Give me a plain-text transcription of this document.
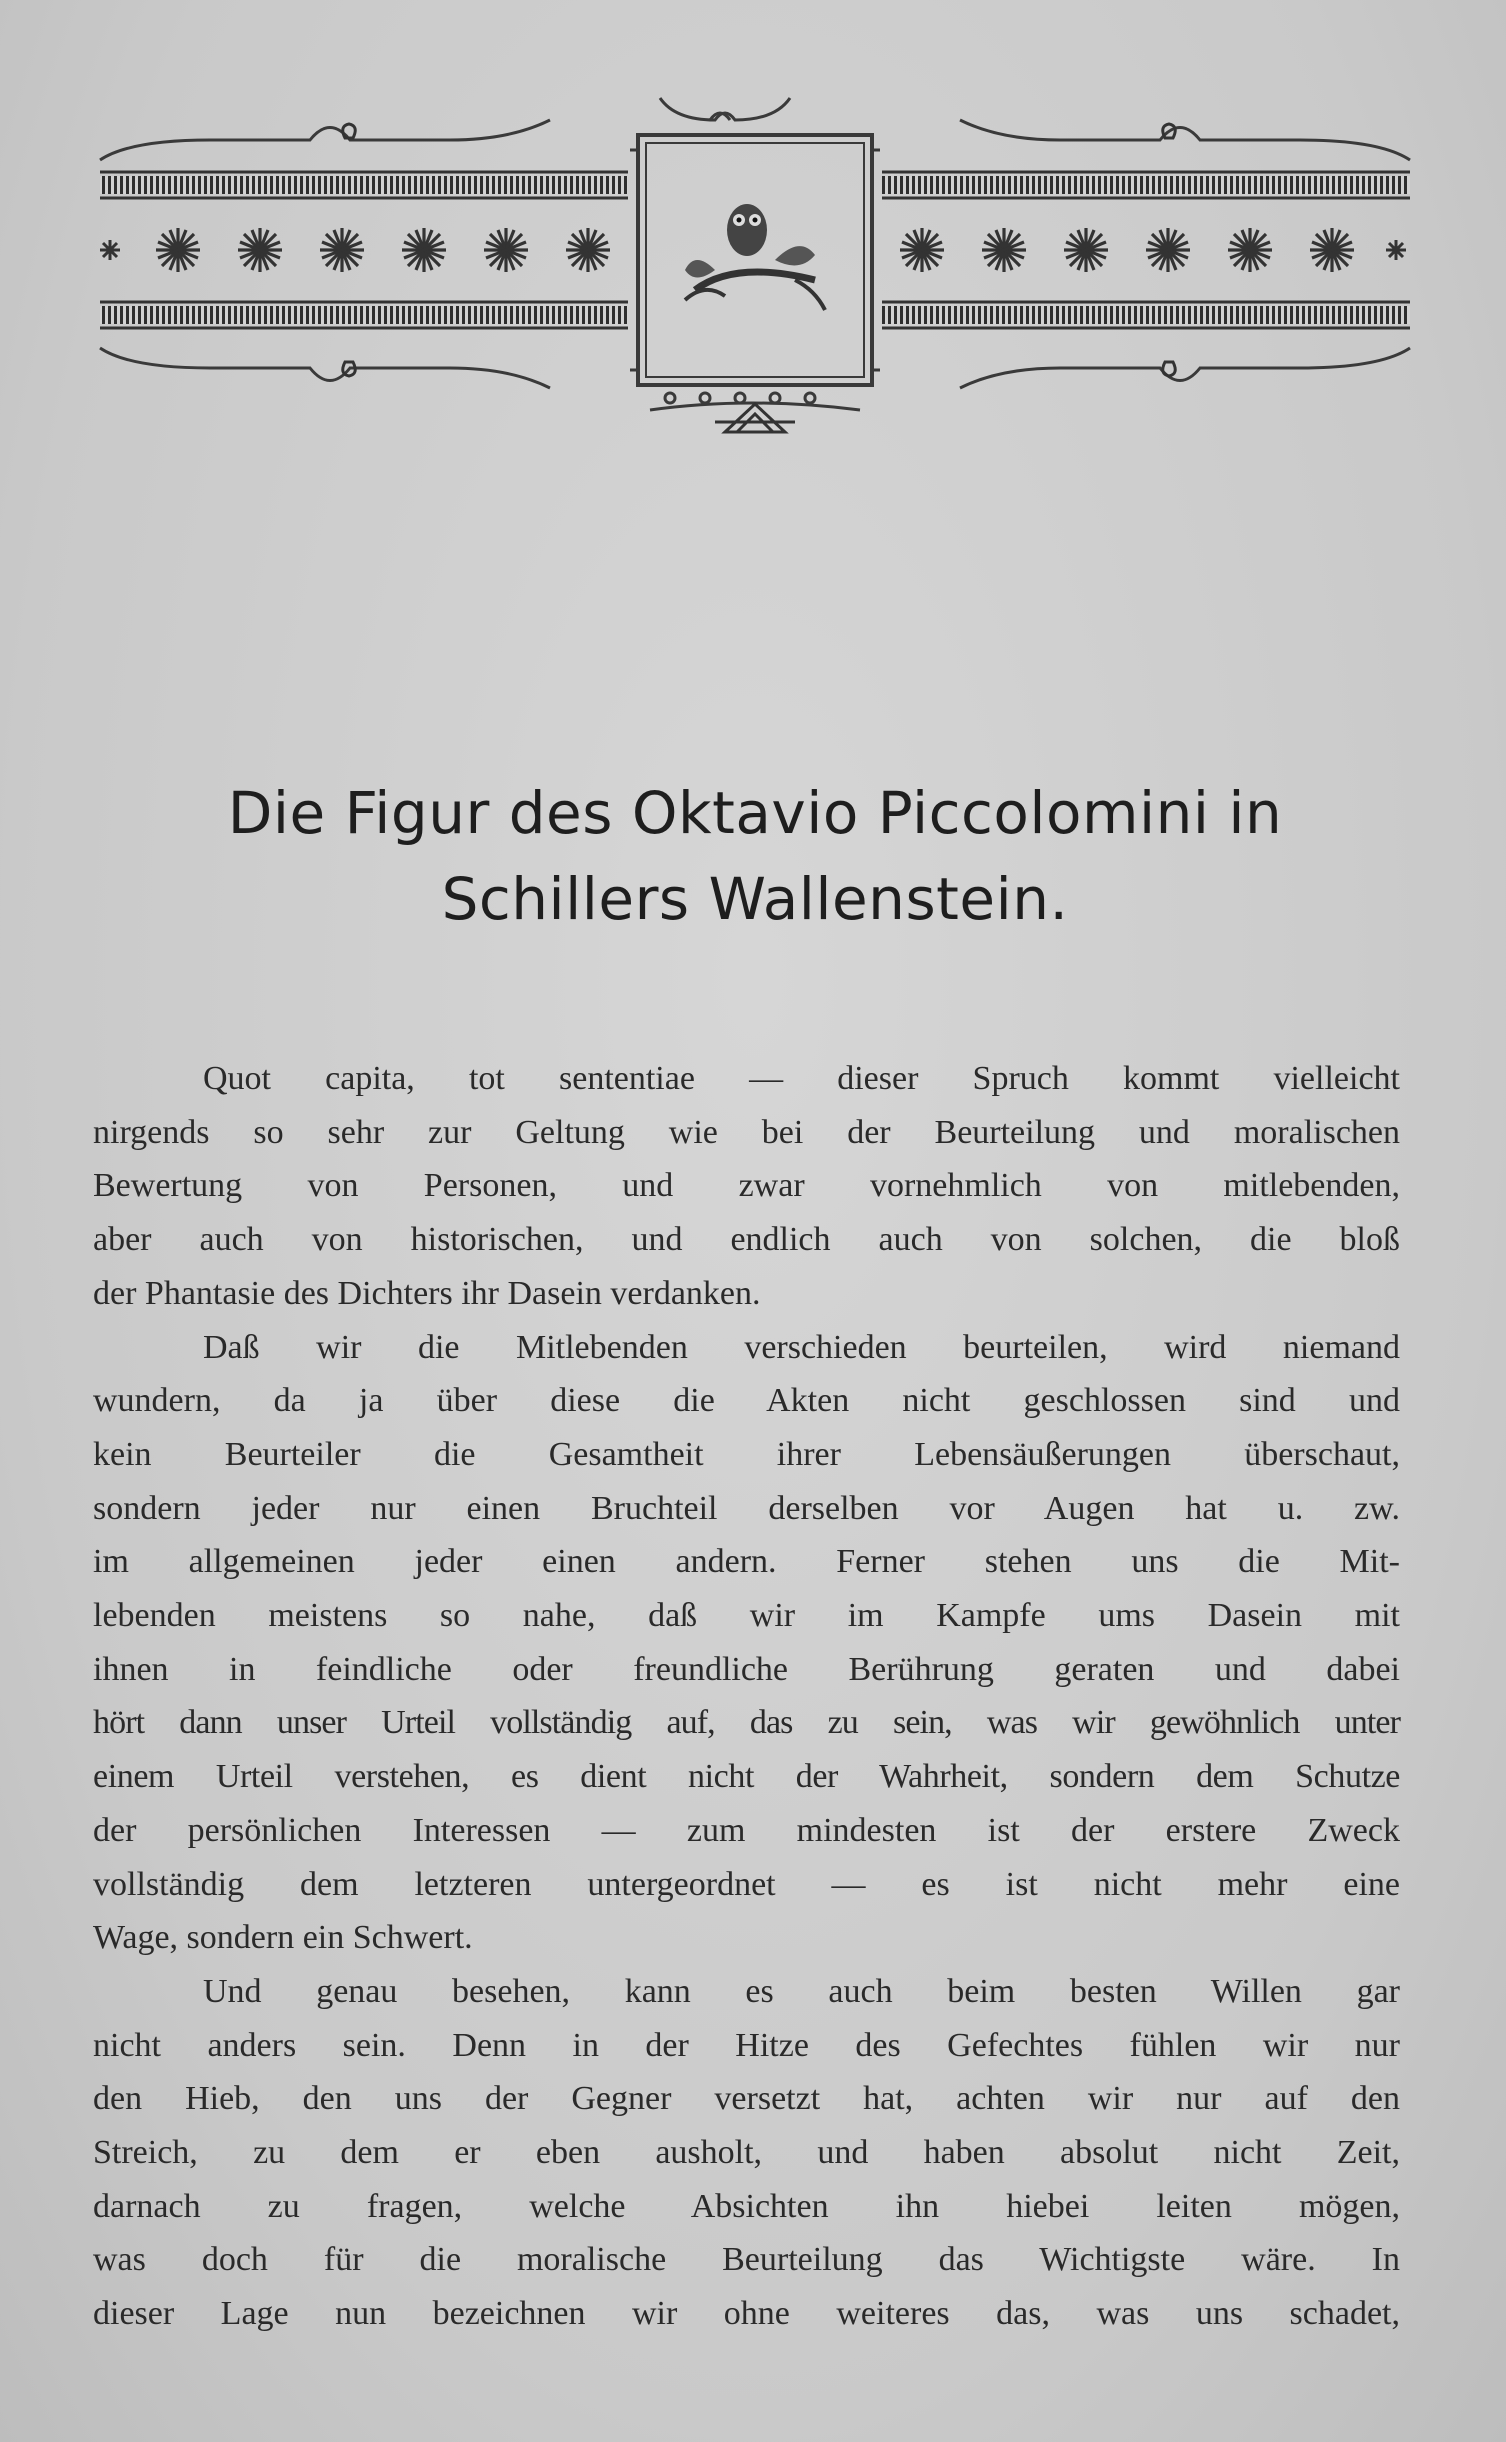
Die Figur des Oktavio Piccolomini in
Schillers Wallenstein.
Quot capita, tot sententiae — dieser Spruch kommt vielleicht
nirgends so sehr zur Geltung wie bei der Beurteilung und moralischen
Bewertung von Personen, und zwar vornehmlich von mitlebenden,
aber auch von historischen, und endlich auch von solchen, die bloß
der Phantasie des Dichters ihr Dasein verdanken.
Daß wir die Mitlebenden verschieden beurteilen, wird niemand
wundern, da ja über diese die Akten nicht geschlossen sind und
kein Beurteiler die Gesamtheit ihrer Lebensäußerungen überschaut,
sondern jeder nur einen Bruchteil derselben vor Augen hat u. zw.
im allgemeinen jeder einen andern. Ferner stehen uns die Mit-
lebenden meistens so nahe, daß wir im Kampfe ums Dasein mit
ihnen in feindliche oder freundliche Berührung geraten und dabei
hört dann unser Urteil vollständig auf, das zu sein, was wir gewöhnlich unter
einem Urteil verstehen, es dient nicht der Wahrheit, sondern dem Schutze
der persönlichen Interessen — zum mindesten ist der erstere Zweck
vollständig dem letzteren untergeordnet — es ist nicht mehr eine
Wage, sondern ein Schwert.
Und genau besehen, kann es auch beim besten Willen gar
nicht anders sein. Denn in der Hitze des Gefechtes fühlen wir nur
den Hieb, den uns der Gegner versetzt hat, achten wir nur auf den
Streich, zu dem er eben ausholt, und haben absolut nicht Zeit,
darnach zu fragen, welche Absichten ihn hiebei leiten mögen,
was doch für die moralische Beurteilung das Wichtigste wäre. In
dieser Lage nun bezeichnen wir ohne weiteres das, was uns schadet,
